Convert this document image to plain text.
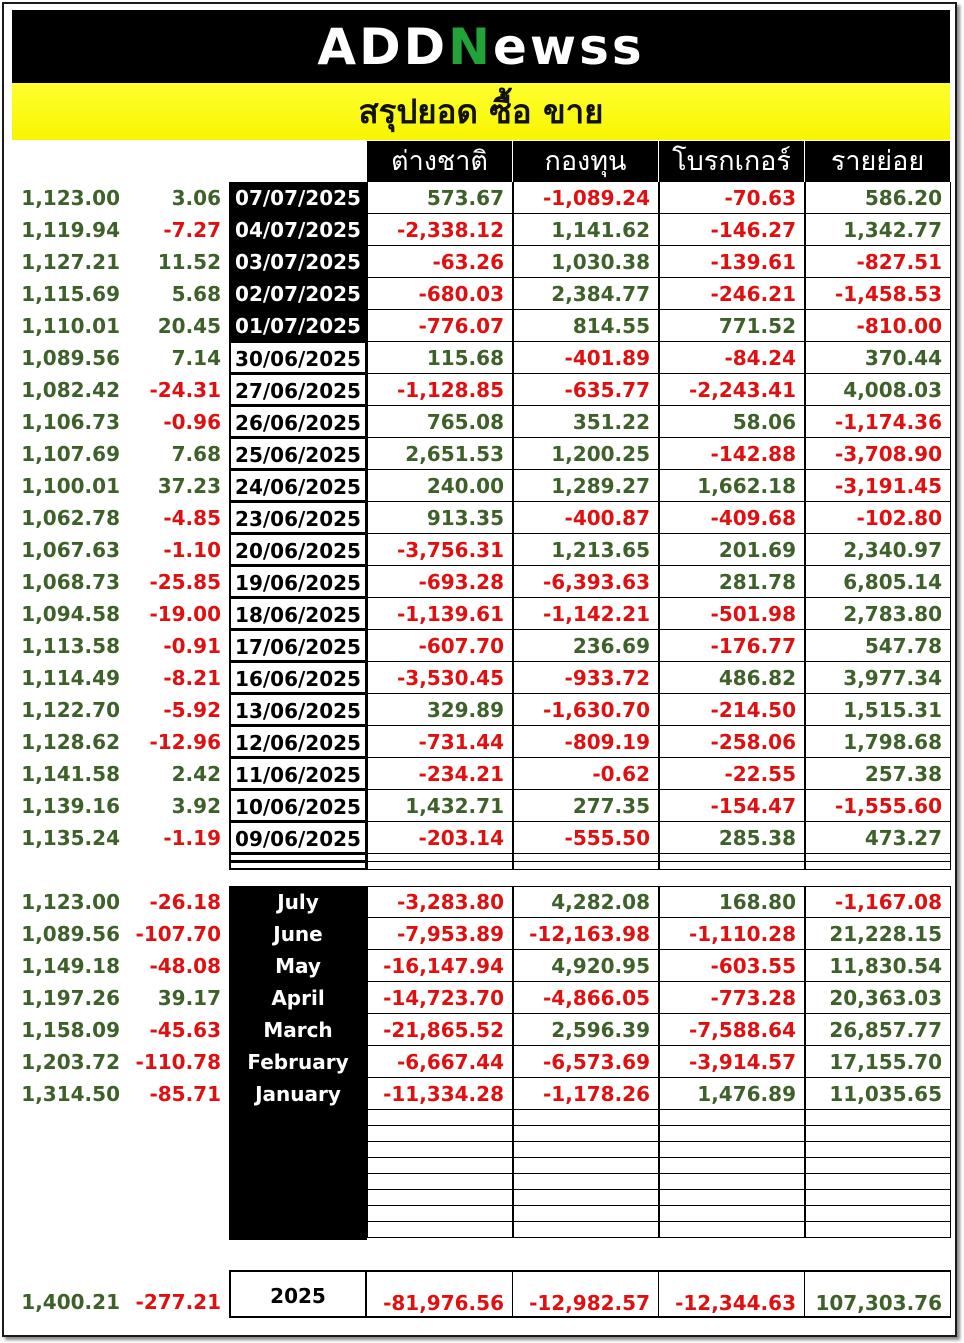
ADDNewss
สรุปยอด ซื้อ ขาย
ต่างชาติ	กองทุน	โบรกเกอร์	รายย่อย
1,123.00	3.06 07/07/2025	573.67	-1,089.24	-70.63	586.20
1,119.94	-7.27 04/07/2025	-2,338.12	1,141.62	-146.27	1,342.77
1,127.21	11.52 03/07/2025	-63.26	1,030.38	-139.61	-827.51
1,115.69	5.68 02/07/2025	-680.03	2,384.77	-246.21	-1,458.53
1,110.01	20.45 01/07/2025	-776.07	814.55	771.52	-810.00
1,089.56	7.14 30/06/2025	115.68	-401.89	-84.24	370.44
1,082.42	-24.31 27/06/2025	-1,128.85	-635.77	-2,243.41	4,008.03
1,106.73	-0.96 26/06/2025	765.08	351.22	58.06	-1,174.36
1,107.69	7.68 25/06/2025	2,651.53	1,200.25	-142.88	-3,708.90
1,100.01	37.23 24/06/2025	240.00	1,289.27	1,662.18	-3,191.45
1,062.78	-4.85 23/06/2025	913.35	-400.87	-409.68	-102.80
1,067.63	-1.10 20/06/2025	-3,756.31	1,213.65	201.69	2,340.97
1,068.73	-25.85 19/06/2025	-693.28	-6,393.63	281.78	6,805.14
1,094.58	-19.00 18/06/2025	-1,139.61	-1,142.21	-501.98	2,783.80
1,113.58	-0.91 17/06/2025	-607.70	236.69	-176.77	547.78
1,114.49	-8.21 16/06/2025	-3,530.45	-933.72	486.82	3,977.34
1,122.70	-5.92 13/06/2025	329.89	-1,630.70	-214.50	1,515.31
1,128.62	-12.96 12/06/2025	-731.44	-809.19	-258.06	1,798.68
1,141.58	2.42 11/06/2025	-234.21	-0.62	-22.55	257.38
1,139.16	3.92 10/06/2025	1,432.71	277.35	-154.47	-1,555.60
1,135.24	-1.19 09/06/2025	-203.14	-555.50	285.38	473.27
1,123.00	-26.18	July	-3,283.80	4,282.08	168.80	-1,167.08
1,089.56 -107.70	June	-7,953.89	-12,163.98	-1,110.28	21,228.15
1,149.18	-48.08	May	-16,147.94	4,920.95	-603.55	11,830.54
1,197.26	39.17	April	-14,723.70	-4,866.05	-773.28	20,363.03
1,158.09	-45.63	March	-21,865.52	2,596.39	-7,588.64	26,857.77
1,203.72 -110.78	February	-6,667.44	-6,573.69	-3,914.57	17,155.70
1,314.50	-85.71	January	-11,334.28	-1,178.26	1,476.89	11,035.65
1,400.21 -277.21	2025	-81,976.56	-12,982.57	-12,344.63 107,303.76
